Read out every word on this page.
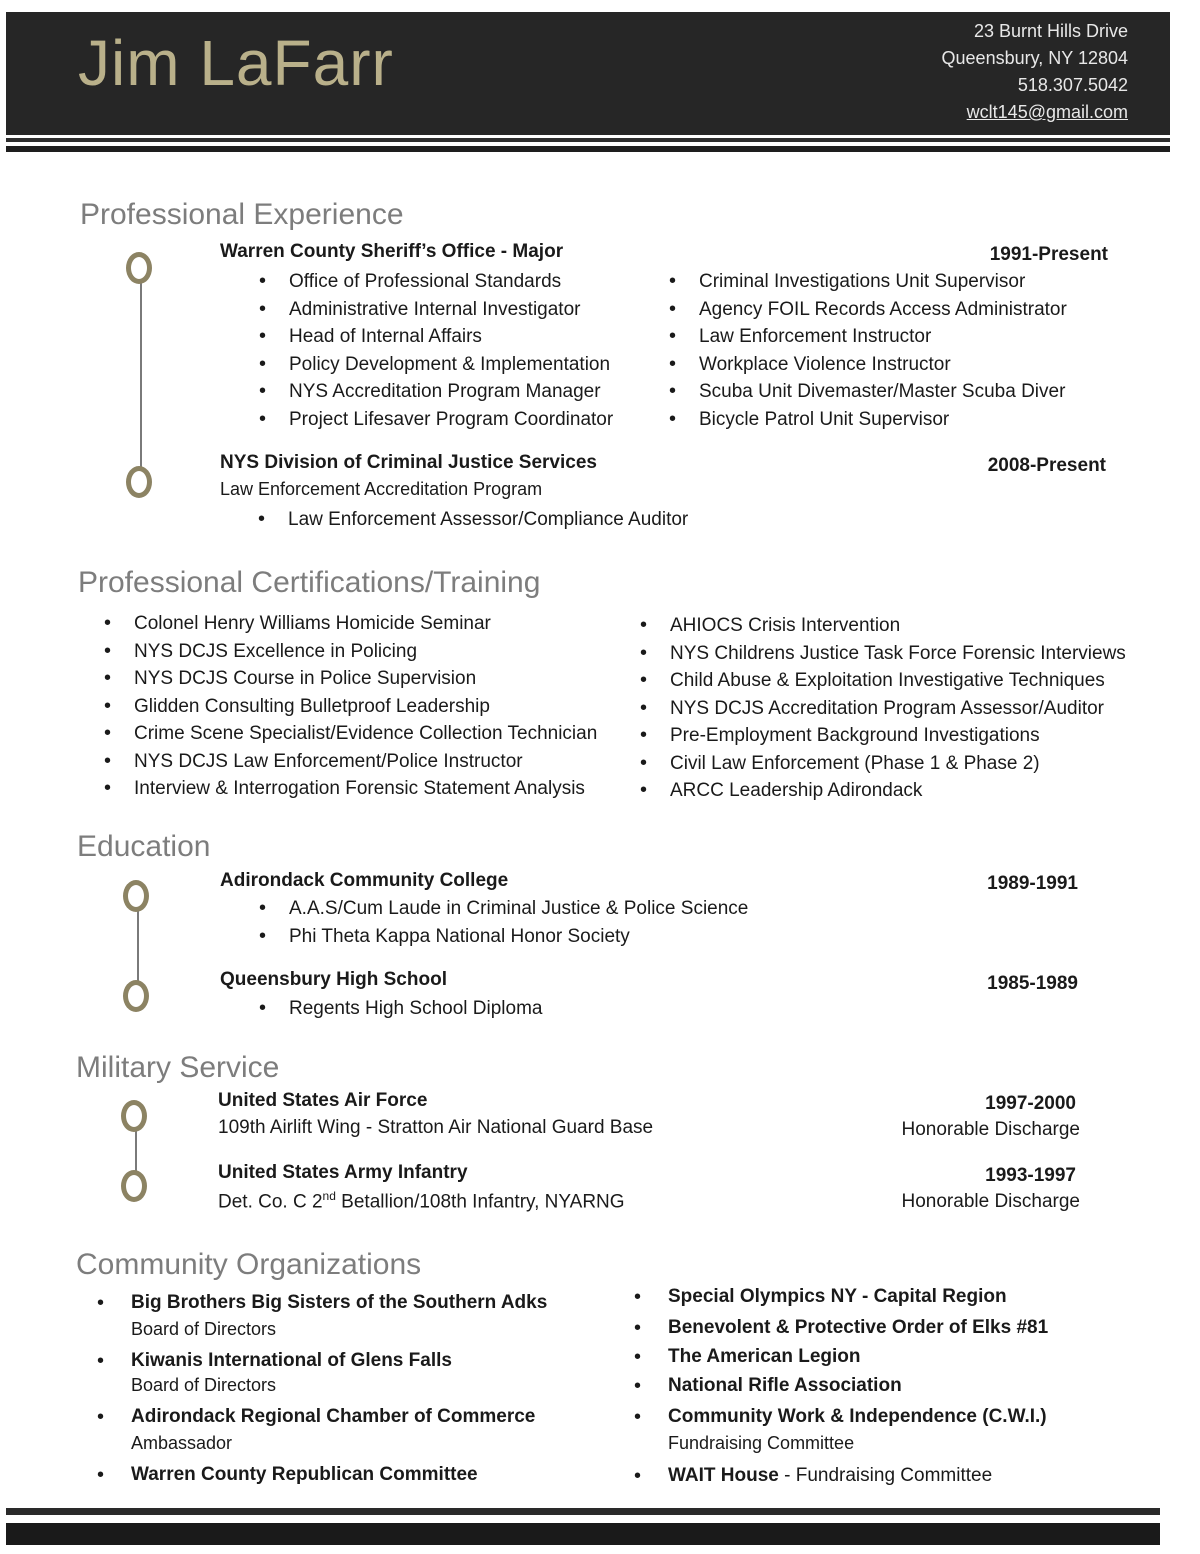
Jim LaFarr	23 Burnt Hills Drive
Queensbury, NY 12804
518.307.5042
wclt145@gmail.com
Professional Experience
Warren County Sheriff’s Office - Major	1991-Present
• Office of Professional Standards
• Administrative Internal Investigator
• Head of Internal Affairs
• Policy Development & Implementation
• NYS Accreditation Program Manager
• Project Lifesaver Program Coordinator
• Criminal Investigations Unit Supervisor
• Agency FOIL Records Access Administrator
• Law Enforcement Instructor
• Workplace Violence Instructor
• Scuba Unit Divemaster/Master Scuba Diver
• Bicycle Patrol Unit Supervisor
NYS Division of Criminal Justice Services	2008-Present
Law Enforcement Accreditation Program
• Law Enforcement Assessor/Compliance Auditor
Professional Certifications/Training
• Colonel Henry Williams Homicide Seminar
• NYS DCJS Excellence in Policing
• NYS DCJS Course in Police Supervision
• Glidden Consulting Bulletproof Leadership
• Crime Scene Specialist/Evidence Collection Technician
• NYS DCJS Law Enforcement/Police Instructor
• Interview & Interrogation Forensic Statement Analysis
• AHIOCS Crisis Intervention
• NYS Childrens Justice Task Force Forensic Interviews
• Child Abuse & Exploitation Investigative Techniques
• NYS DCJS Accreditation Program Assessor/Auditor
• Pre-Employment Background Investigations
• Civil Law Enforcement (Phase 1 & Phase 2)
• ARCC Leadership Adirondack
Education
Adirondack Community College	1989-1991
• A.A.S/Cum Laude in Criminal Justice & Police Science
• Phi Theta Kappa National Honor Society
Queensbury High School	1985-1989
• Regents High School Diploma
Military Service
United States Air Force	1997-2000
109th Airlift Wing - Stratton Air National Guard Base	Honorable Discharge
United States Army Infantry	1993-1997
Det. Co. C 2nd Betallion/108th Infantry, NYARNG	Honorable Discharge
Community Organizations
• Big Brothers Big Sisters of the Southern Adks
Board of Directors
• Kiwanis International of Glens Falls
Board of Directors
• Adirondack Regional Chamber of Commerce
Ambassador
• Warren County Republican Committee
• Special Olympics NY - Capital Region
• Benevolent & Protective Order of Elks #81
• The American Legion
• National Rifle Association
• Community Work & Independence (C.W.I.)
Fundraising Committee
• WAIT House - Fundraising Committee
